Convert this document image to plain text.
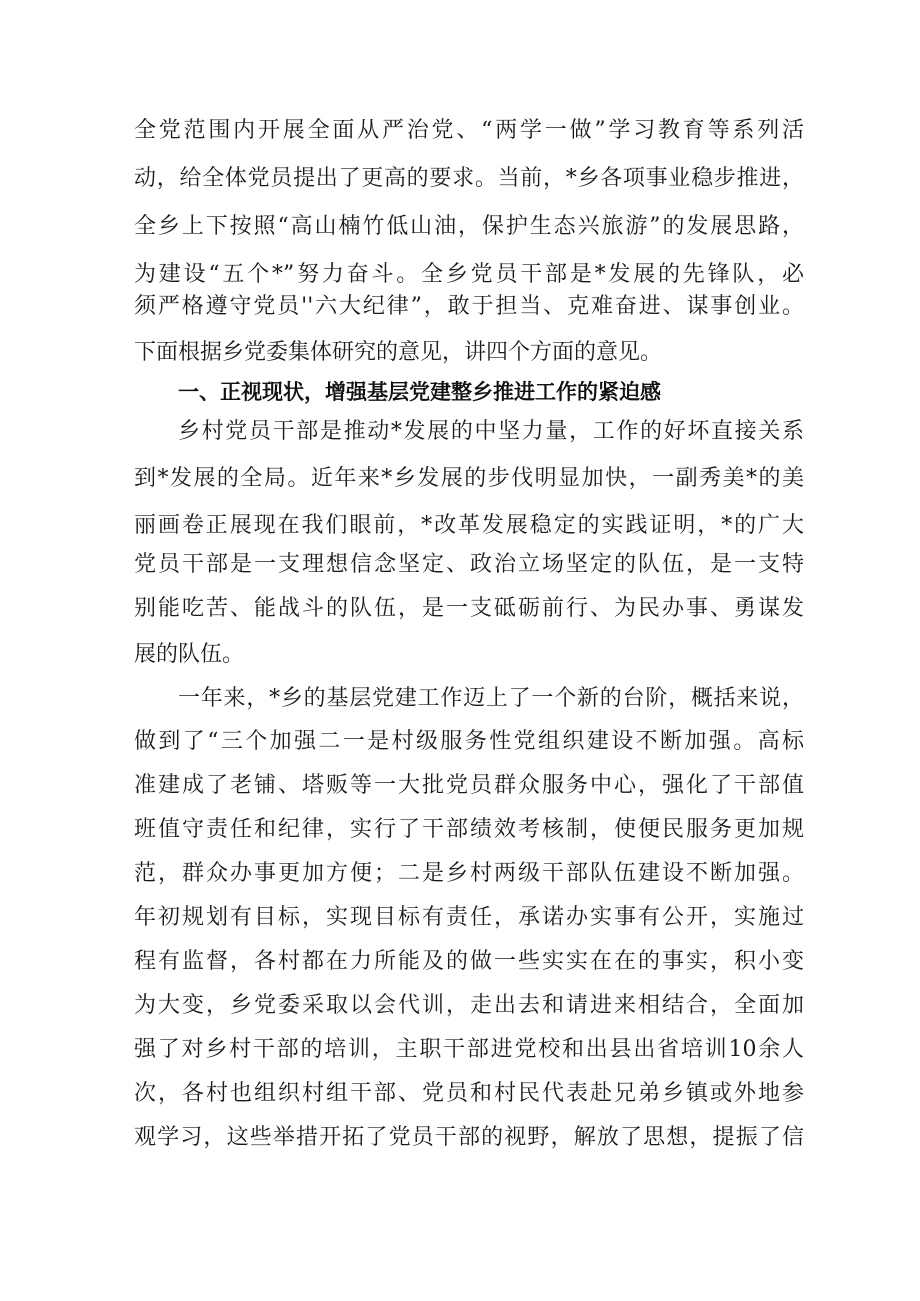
全党范围内开展全面从严治党、“两学一做”学习教育等系列活
动，给全体党员提出了更高的要求。当前，*乡各项事业稳步推进，
全乡上下按照“高山楠竹低山油，保护生态兴旅游”的发展思路，
为建设“五个*”努力奋斗。全乡党员干部是*发展的先锋队，必
须严格遵守党员''六大纪律”，敢于担当、克难奋进、谋事创业。
下面根据乡党委集体研究的意见，讲四个方面的意见。
一、正视现状，增强基层党建整乡推进工作的紧迫感
乡村党员干部是推动*发展的中坚力量，工作的好坏直接关系
到*发展的全局。近年来*乡发展的步伐明显加快，一副秀美*的美
丽画卷正展现在我们眼前，*改革发展稳定的实践证明，*的广大
党员干部是一支理想信念坚定、政治立场坚定的队伍，是一支特
别能吃苦、能战斗的队伍，是一支砥砺前行、为民办事、勇谋发
展的队伍。
一年来，*乡的基层党建工作迈上了一个新的台阶，概括来说，
做到了“三个加强二一是村级服务性党组织建设不断加强。高标
准建成了老铺、塔贩等一大批党员群众服务中心，强化了干部值
班值守责任和纪律，实行了干部绩效考核制，使便民服务更加规
范，群众办事更加方便；二是乡村两级干部队伍建设不断加强。
年初规划有目标，实现目标有责任，承诺办实事有公开，实施过
程有监督，各村都在力所能及的做一些实实在在的事实，积小变
为大变，乡党委采取以会代训，走出去和请进来相结合，全面加
强了对乡村干部的培训，主职干部进党校和出县出省培训10余人
次，各村也组织村组干部、党员和村民代表赴兄弟乡镇或外地参
观学习，这些举措开拓了党员干部的视野，解放了思想，提振了信
